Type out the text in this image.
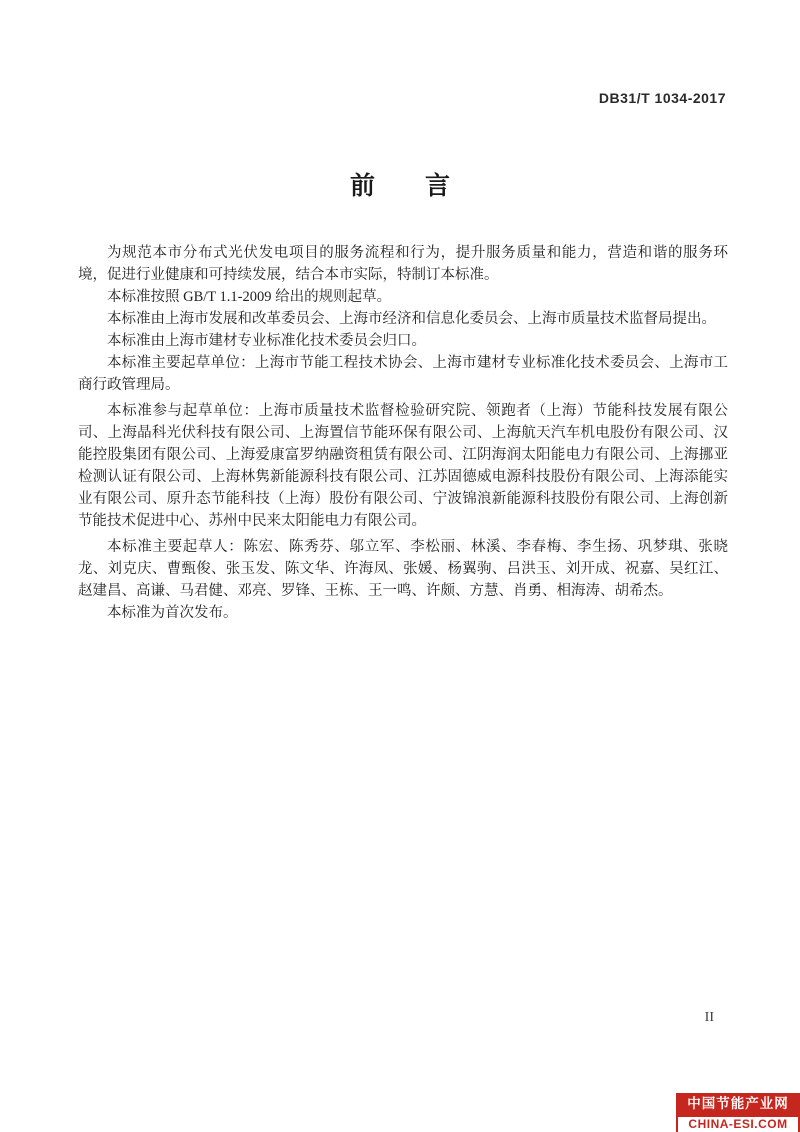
DB31/T 1034-2017
前　　言

为规范本市分布式光伏发电项目的服务流程和行为，提升服务质量和能力，营造和谐的服务环境，促进行业健康和可持续发展，结合本市实际，特制订本标准。

本标准按照 GB/T 1.1-2009 给出的规则起草。

本标准由上海市发展和改革委员会、上海市经济和信息化委员会、上海市质量技术监督局提出。

本标准由上海市建材专业标准化技术委员会归口。

本标准主要起草单位：上海市节能工程技术协会、上海市建材专业标准化技术委员会、上海市工商行政管理局。

本标准参与起草单位：上海市质量技术监督检验研究院、领跑者（上海）节能科技发展有限公司、上海晶科光伏科技有限公司、上海置信节能环保有限公司、上海航天汽车机电股份有限公司、汉能控股集团有限公司、上海爱康富罗纳融资租赁有限公司、江阴海润太阳能电力有限公司、上海挪亚检测认证有限公司、上海林隽新能源科技有限公司、江苏固德威电源科技股份有限公司、上海添能实业有限公司、原升态节能科技（上海）股份有限公司、宁波锦浪新能源科技股份有限公司、上海创新节能技术促进中心、苏州中民来太阳能电力有限公司。

本标准主要起草人：陈宏、陈秀芬、邬立军、李松丽、林溪、李春梅、李生扬、巩梦琪、张晓龙、刘克庆、曹甄俊、张玉发、陈文华、许海凤、张媛、杨翼驹、吕洪玉、刘开成、祝嘉、吴红江、赵建昌、高谦、马君健、邓亮、罗锋、王栋、王一鸣、许颇、方慧、肖勇、相海涛、胡希杰。

本标准为首次发布。

II
中国节能产业网
CHINA-ESI.COM
